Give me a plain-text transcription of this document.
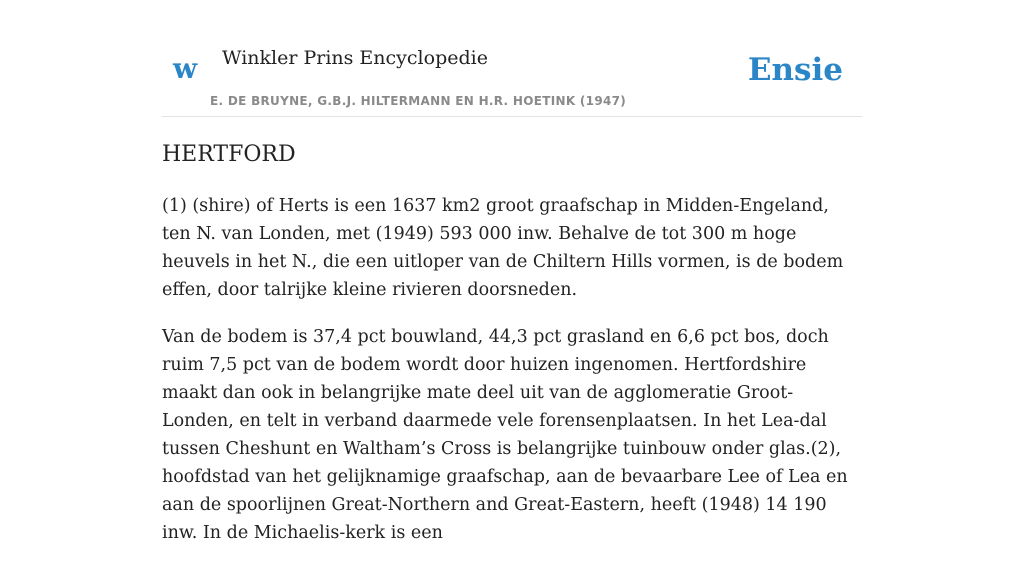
w Winkler Prins Encyclopedie
E. DE BRUYNE, G.B.J. HILTERMANN EN H.R. HOETINK (1947)
Ensie
HERTFORD

(1) (shire) of Herts is een 1637 km2 groot graafschap in Midden-Engeland, ten N. van Londen, met (1949) 593 000 inw. Behalve de tot 300 m hoge heuvels in het N., die een uitloper van de Chiltern Hills vormen, is de bodem effen, door talrijke kleine rivieren doorsneden.

Van de bodem is 37,4 pct bouwland, 44,3 pct grasland en 6,6 pct bos, doch ruim 7,5 pct van de bodem wordt door huizen ingenomen. Hertfordshire maakt dan ook in belangrijke mate deel uit van de agglomeratie Groot-Londen, en telt in verband daarmede vele forensenplaatsen. In het Lea-dal tussen Cheshunt en Waltham’s Cross is belangrijke tuinbouw onder glas.(2), hoofdstad van het gelijknamige graafschap, aan de bevaarbare Lee of Lea en aan de spoorlijnen Great-Northern and Great-Eastern, heeft (1948) 14 190 inw. In de Michaelis-kerk is een
